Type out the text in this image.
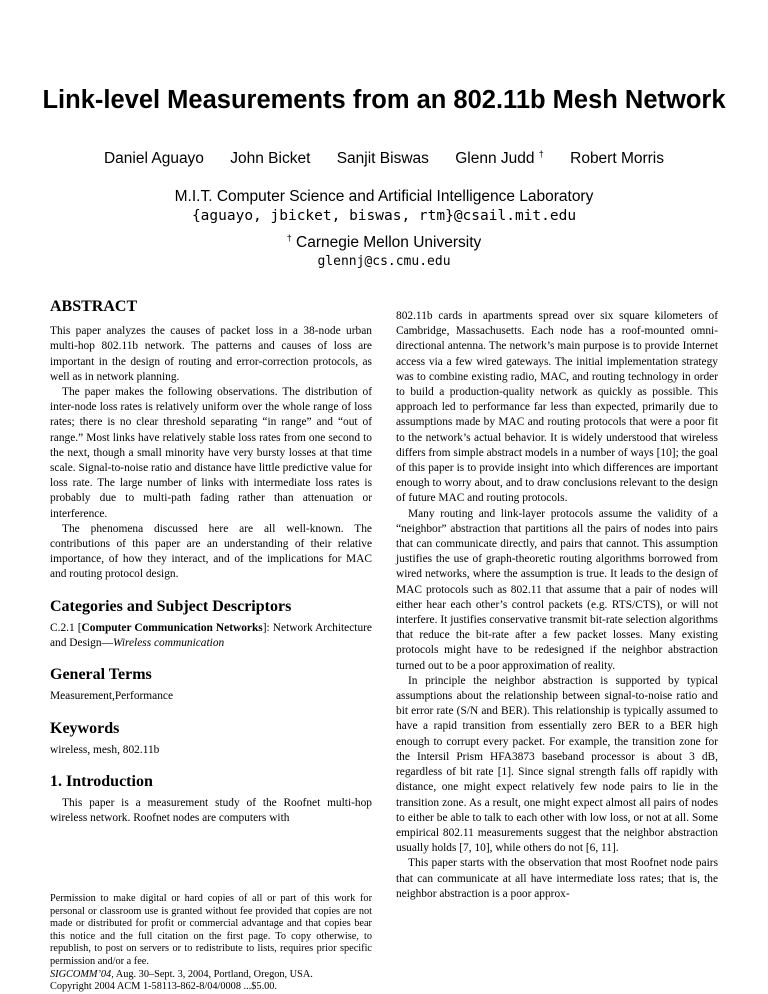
Link-level Measurements from an 802.11b Mesh Network
Daniel Aguayo John Bicket Sanjit Biswas Glenn Judd † Robert Morris
M.I.T. Computer Science and Artificial Intelligence Laboratory
{aguayo, jbicket, biswas, rtm}@csail.mit.edu
† Carnegie Mellon University
glennj@cs.cmu.edu
ABSTRACT

This paper analyzes the causes of packet loss in a 38-node urban multi-hop 802.11b network. The patterns and causes of loss are important in the design of routing and error-correction protocols, as well as in network planning.

The paper makes the following observations. The distribution of inter-node loss rates is relatively uniform over the whole range of loss rates; there is no clear threshold separating “in range” and “out of range.” Most links have relatively stable loss rates from one second to the next, though a small minority have very bursty losses at that time scale. Signal-to-noise ratio and distance have little predictive value for loss rate. The large number of links with intermediate loss rates is probably due to multi-path fading rather than attenuation or interference.

The phenomena discussed here are all well-known. The contributions of this paper are an understanding of their relative importance, of how they interact, and of the implications for MAC and routing protocol design.

Categories and Subject Descriptors

C.2.1 [Computer Communication Networks]: Network Architecture and Design—Wireless communication

General Terms

Measurement,Performance

Keywords

wireless, mesh, 802.11b

1. Introduction

This paper is a measurement study of the Roofnet multi-hop wireless network. Roofnet nodes are computers with

Permission to make digital or hard copies of all or part of this work for personal or classroom use is granted without fee provided that copies are not made or distributed for profit or commercial advantage and that copies bear this notice and the full citation on the first page. To copy otherwise, to republish, to post on servers or to redistribute to lists, requires prior specific permission and/or a fee.
SIGCOMM’04, Aug. 30–Sept. 3, 2004, Portland, Oregon, USA.
Copyright 2004 ACM 1-58113-862-8/04/0008 ...$5.00.

802.11b cards in apartments spread over six square kilometers of Cambridge, Massachusetts. Each node has a roof-mounted omni-directional antenna. The network’s main purpose is to provide Internet access via a few wired gateways. The initial implementation strategy was to combine existing radio, MAC, and routing technology in order to build a production-quality network as quickly as possible. This approach led to performance far less than expected, primarily due to assumptions made by MAC and routing protocols that were a poor fit to the network’s actual behavior. It is widely understood that wireless differs from simple abstract models in a number of ways [10]; the goal of this paper is to provide insight into which differences are important enough to worry about, and to draw conclusions relevant to the design of future MAC and routing protocols.

Many routing and link-layer protocols assume the validity of a “neighbor” abstraction that partitions all the pairs of nodes into pairs that can communicate directly, and pairs that cannot. This assumption justifies the use of graph-theoretic routing algorithms borrowed from wired networks, where the assumption is true. It leads to the design of MAC protocols such as 802.11 that assume that a pair of nodes will either hear each other’s control packets (e.g. RTS/CTS), or will not interfere. It justifies conservative transmit bit-rate selection algorithms that reduce the bit-rate after a few packet losses. Many existing protocols might have to be redesigned if the neighbor abstraction turned out to be a poor approximation of reality.

In principle the neighbor abstraction is supported by typical assumptions about the relationship between signal-to-noise ratio and bit error rate (S/N and BER). This relationship is typically assumed to have a rapid transition from essentially zero BER to a BER high enough to corrupt every packet. For example, the transition zone for the Intersil Prism HFA3873 baseband processor is about 3 dB, regardless of bit rate [1]. Since signal strength falls off rapidly with distance, one might expect relatively few node pairs to lie in the transition zone. As a result, one might expect almost all pairs of nodes to either be able to talk to each other with low loss, or not at all. Some empirical 802.11 measurements suggest that the neighbor abstraction usually holds [7, 10], while others do not [6, 11].

This paper starts with the observation that most Roofnet node pairs that can communicate at all have intermediate loss rates; that is, the neighbor abstraction is a poor approx-
